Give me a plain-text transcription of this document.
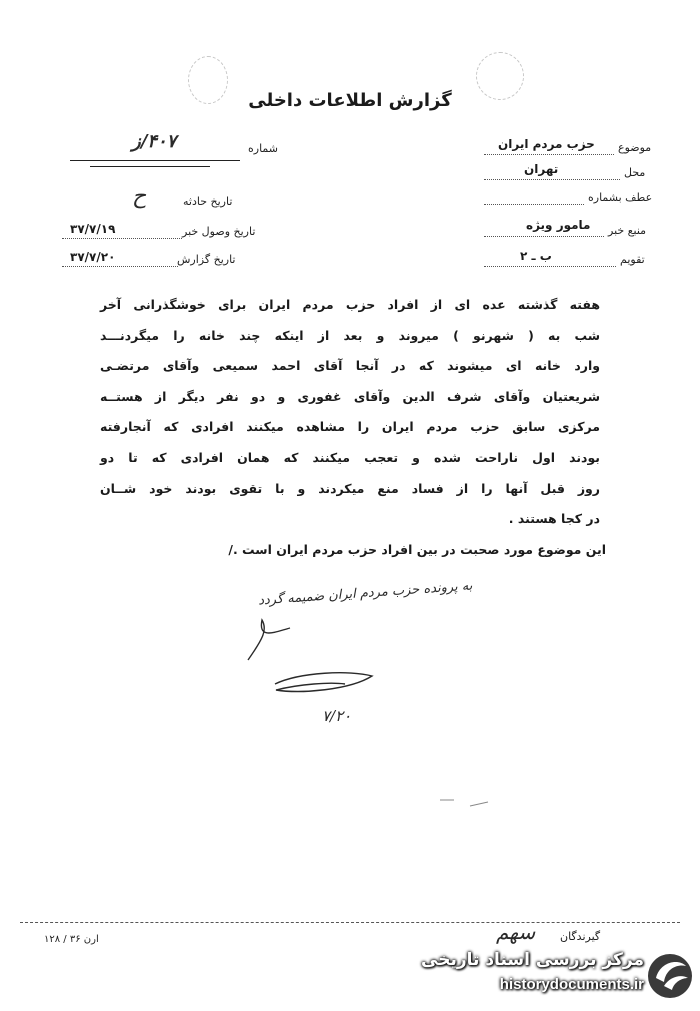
گزارش اطلاعات داخلی
شماره
۴۰۷/ز
تاریخ حادثه
ح
تاریخ وصول خبر
۳۷/۷/۱۹
تاریخ گزارش
۳۷/۷/۲۰
موضوع
حزب مردم ایران
محل
تهران
عطف بشماره
منبع خبر
مامور ویژه
تقویم
ب ـ ۲
هفته گذشته عده ای از افراد حزب مردم ایران برای خوشگذرانی آخر
شب به ( شهرنو ) میروند و بعد از اینکه چند خانه را میگردنـــد
وارد خانه ای میشوند که در آنجا آقای احمد سمیعی وآقای مرتضـی
شریعتیان وآقای شرف الدین وآقای غفوری و دو نفر دیگر از هستــه
مرکزی سابق حزب مردم ایران را مشاهده میکنند افرادی که آنجارفته
بودند اول ناراحت شده و تعجب میکنند که همان افرادی که تا دو
روز قبل آنها را از فساد منع میکردند و با تقوی بودند خود شــان
در کجا هستند .
این موضوع مورد صحبت در بین افراد حزب مردم ایران است ./
به پرونده حزب مردم ایران ضمیمه گردد
۷/۲۰
۱۲۸ / ۳۶ ارن	گیرندگان
ﺳﻬﻢ
مرکز بررسی اسناد تاریخی
historydocuments.ir
